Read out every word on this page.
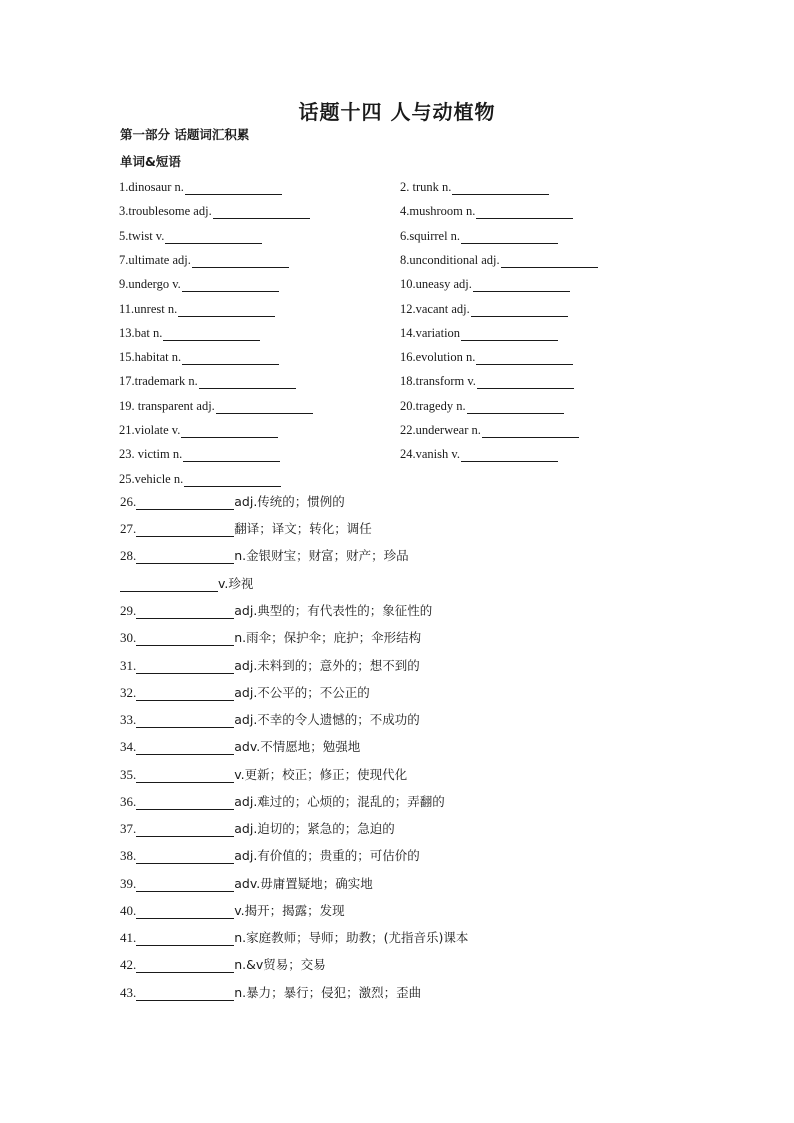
话题十四 人与动植物
第一部分 话题词汇积累
单词&短语
1.dinosaur n.	2. trunk n.
3.troublesome adj.	4.mushroom n.
5.twist v.	6.squirrel n.
7.ultimate adj.	8.unconditional adj.
9.undergo v.	10.uneasy adj.
11.unrest n.	12.vacant adj.
13.bat n.	14.variation
15.habitat n.	16.evolution n.
17.trademark n.	18.transform v.
19. transparent adj.	20.tragedy n.
21.violate v.	22.underwear n.
23. victim n.	24.vanish v.
25.vehicle n.
26.	adj.传统的；惯例的
27.	翻译；译文；转化；调任
28.	n.金银财宝；财富；财产；珍品
v.珍视
29.	adj.典型的；有代表性的；象征性的
30.	n.雨伞；保护伞；庇护；伞形结构
31.	adj.未料到的；意外的；想不到的
32.	adj.不公平的；不公正的
33.	adj.不幸的令人遗憾的；不成功的
34.	adv.不情愿地；勉强地
35.	v.更新；校正；修正；使现代化
36.	adj.难过的；心烦的；混乱的；弄翻的
37.	adj.迫切的；紧急的；急迫的
38.	adj.有价值的；贵重的；可估价的
39.	adv.毋庸置疑地；确实地
40.	v.揭开；揭露；发现
41.	n.家庭教师；导师；助教；(尤指音乐)课本
42.	n.&v贸易；交易
43.	n.暴力；暴行；侵犯；激烈；歪曲
